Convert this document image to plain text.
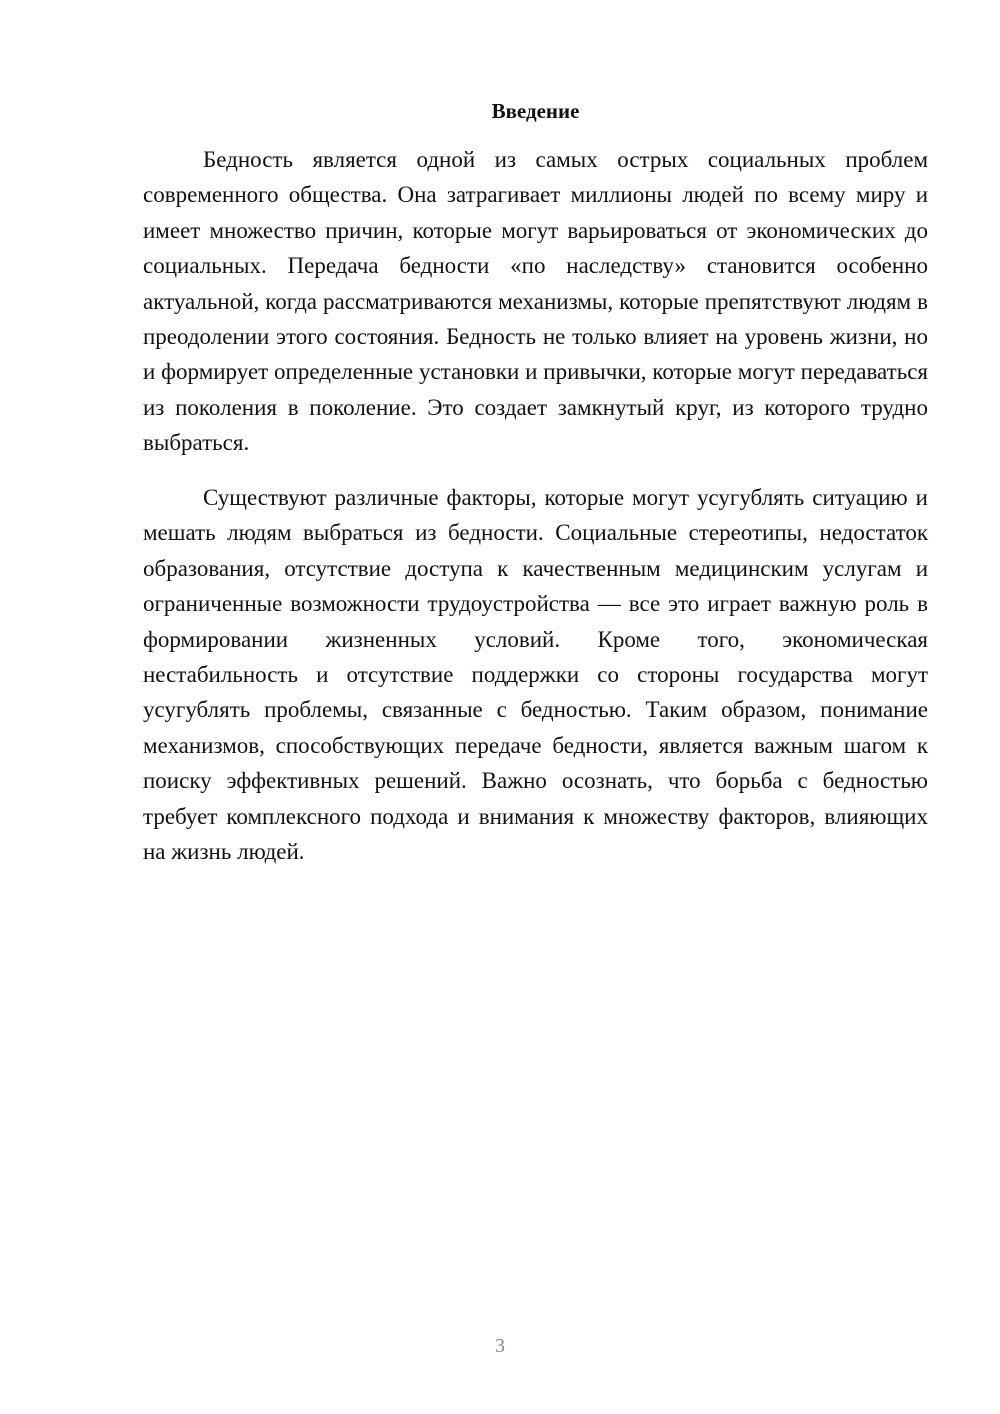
Введение

Бедность является одной из самых острых социальных проблем современного общества. Она затрагивает миллионы людей по всему миру и имеет множество причин, которые могут варьироваться от экономических до социальных. Передача бедности «по наследству» становится особенно актуальной, когда рассматриваются механизмы, которые препятствуют людям в преодолении этого состояния. Бедность не только влияет на уровень жизни, но и формирует определенные установки и привычки, которые могут передаваться из поколения в поколение. Это создает замкнутый круг, из которого трудно выбраться.

Существуют различные факторы, которые могут усугублять ситуацию и мешать людям выбраться из бедности. Социальные стереотипы, недостаток образования, отсутствие доступа к качественным медицинским услугам и ограниченные возможности трудоустройства — все это играет важную роль в формировании жизненных условий. Кроме того, экономическая нестабильность и отсутствие поддержки со стороны государства могут усугублять проблемы, связанные с бедностью. Таким образом, понимание механизмов, способствующих передаче бедности, является важным шагом к поиску эффективных решений. Важно осознать, что борьба с бедностью требует комплексного подхода и внимания к множеству факторов, влияющих на жизнь людей.

3
